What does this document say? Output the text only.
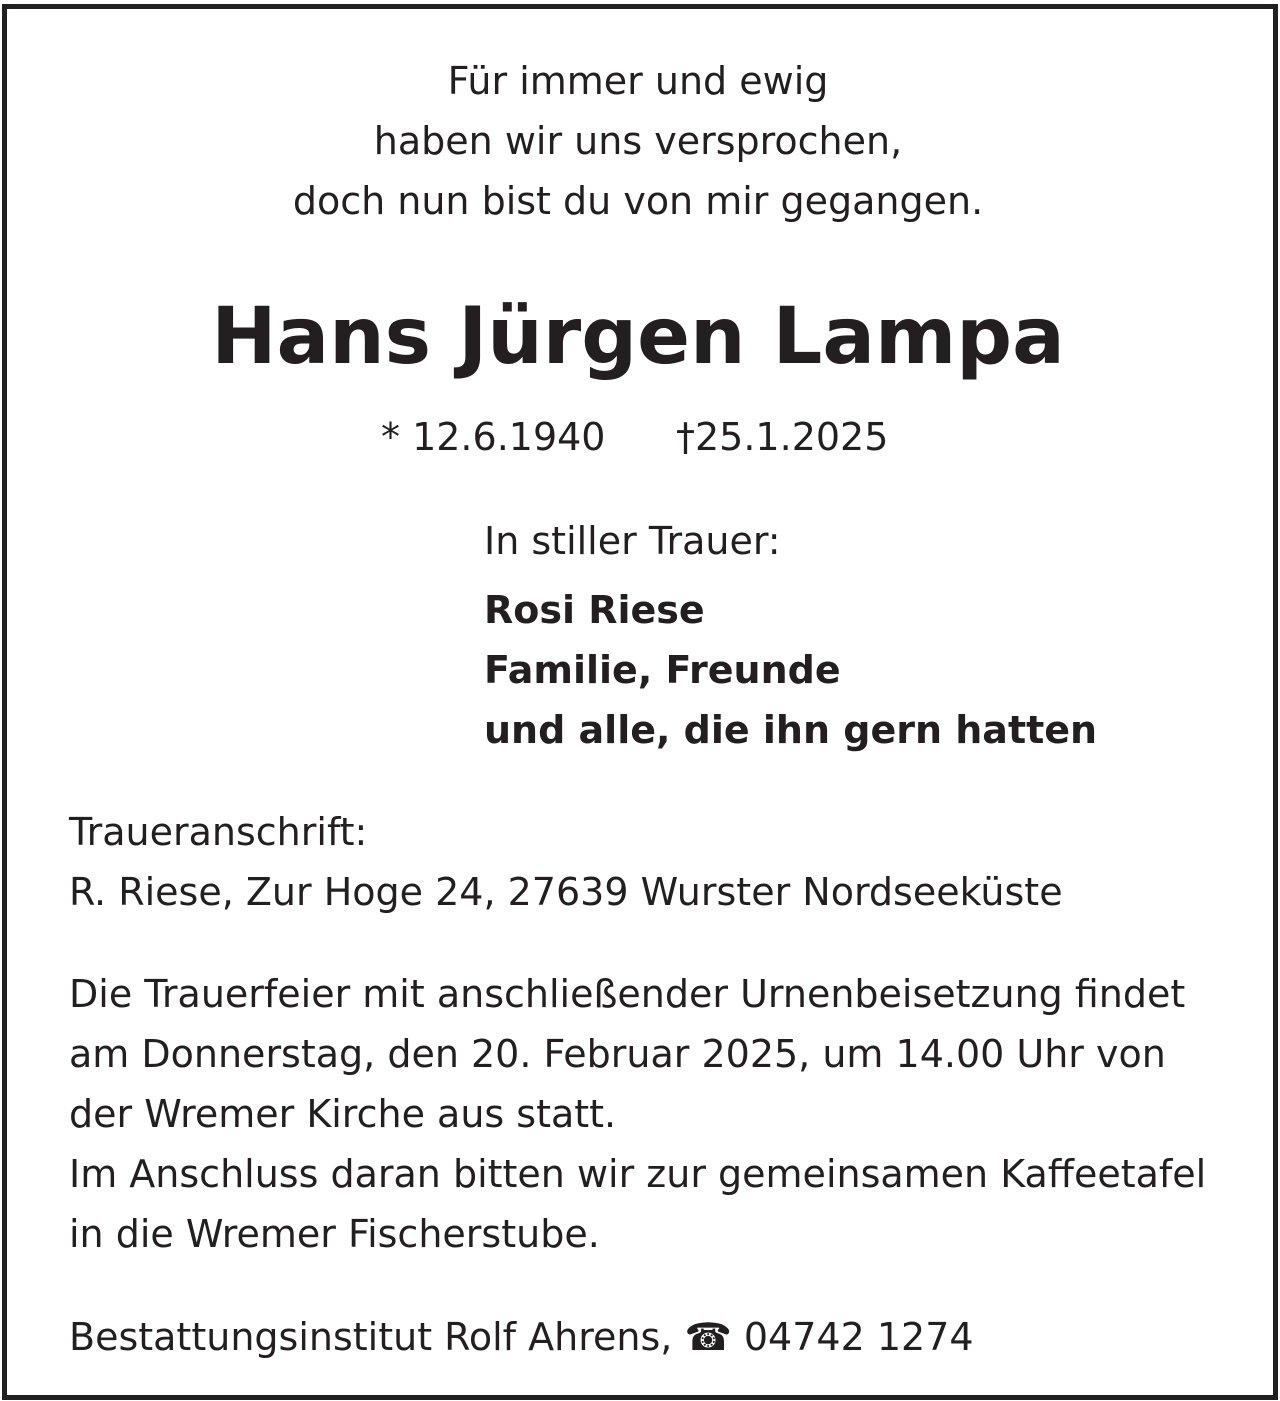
Für immer und ewig

haben wir uns versprochen,

doch nun bist du von mir gegangen.

Hans Jürgen Lampa
* 12.6.1940 †25.1.2025
In stiller Trauer:
Rosi Riese
Familie, Freunde
und alle, die ihn gern hatten
Traueranschrift:
R. Riese, Zur Hoge 24, 27639 Wurster Nordseeküste
Die Trauerfeier mit anschließender Urnenbeisetzung findet
am Donnerstag, den 20. Februar 2025, um 14.00 Uhr von
der Wremer Kirche aus statt.
Im Anschluss daran bitten wir zur gemeinsamen Kaffeetafel
in die Wremer Fischerstube.
Bestattungsinstitut Rolf Ahrens, ☎ 04742 1274
